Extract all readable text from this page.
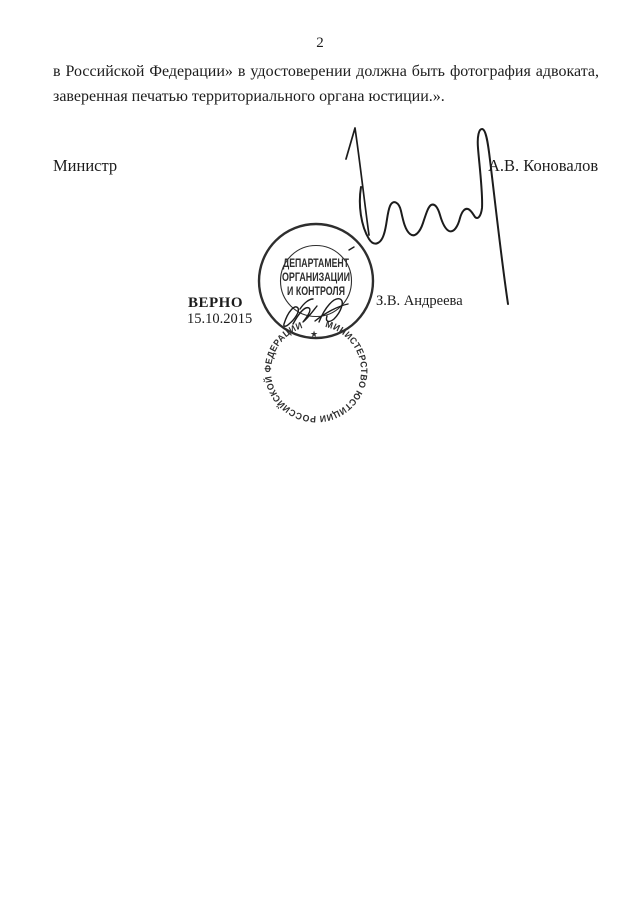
2
в Российской Федерации» в удостоверении должна быть фотография адвоката,
заверенная печатью территориального органа юстиции.».
Министр	А.В. Коновалов
ВЕРНО
15.10.2015
З.В. Андреева
МИНИСТЕРСТВО ЮСТИЦИИ РОССИЙСКОЙ ФЕДЕРАЦИИ
★
ДЕПАРТАМЕНТ
ОРГАНИЗАЦИИ
И КОНТРОЛЯ
